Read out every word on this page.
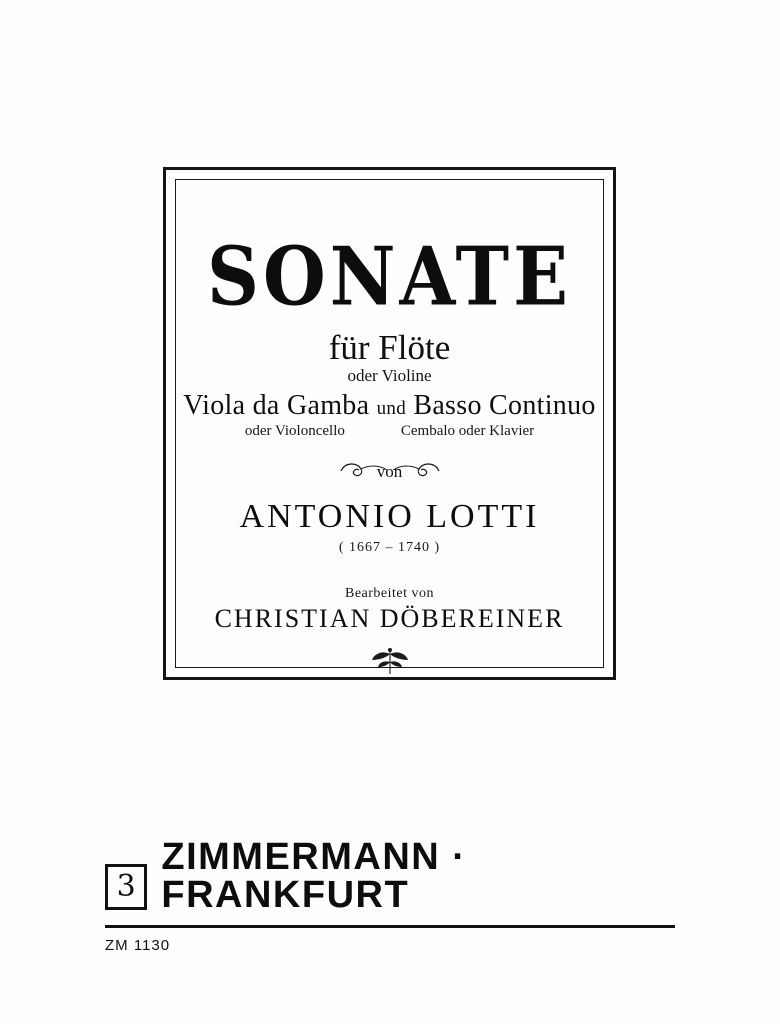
SONATE
für Flöte
oder Violine
Viola da Gamba und Basso Continuo
oder Violoncello	Cembalo oder Klavier
von
ANTONIO LOTTI
( 1667 – 1740 )
Bearbeitet von
CHRISTIAN DÖBEREINER
3
ZIMMERMANN · FRANKFURT
ZM 1130
